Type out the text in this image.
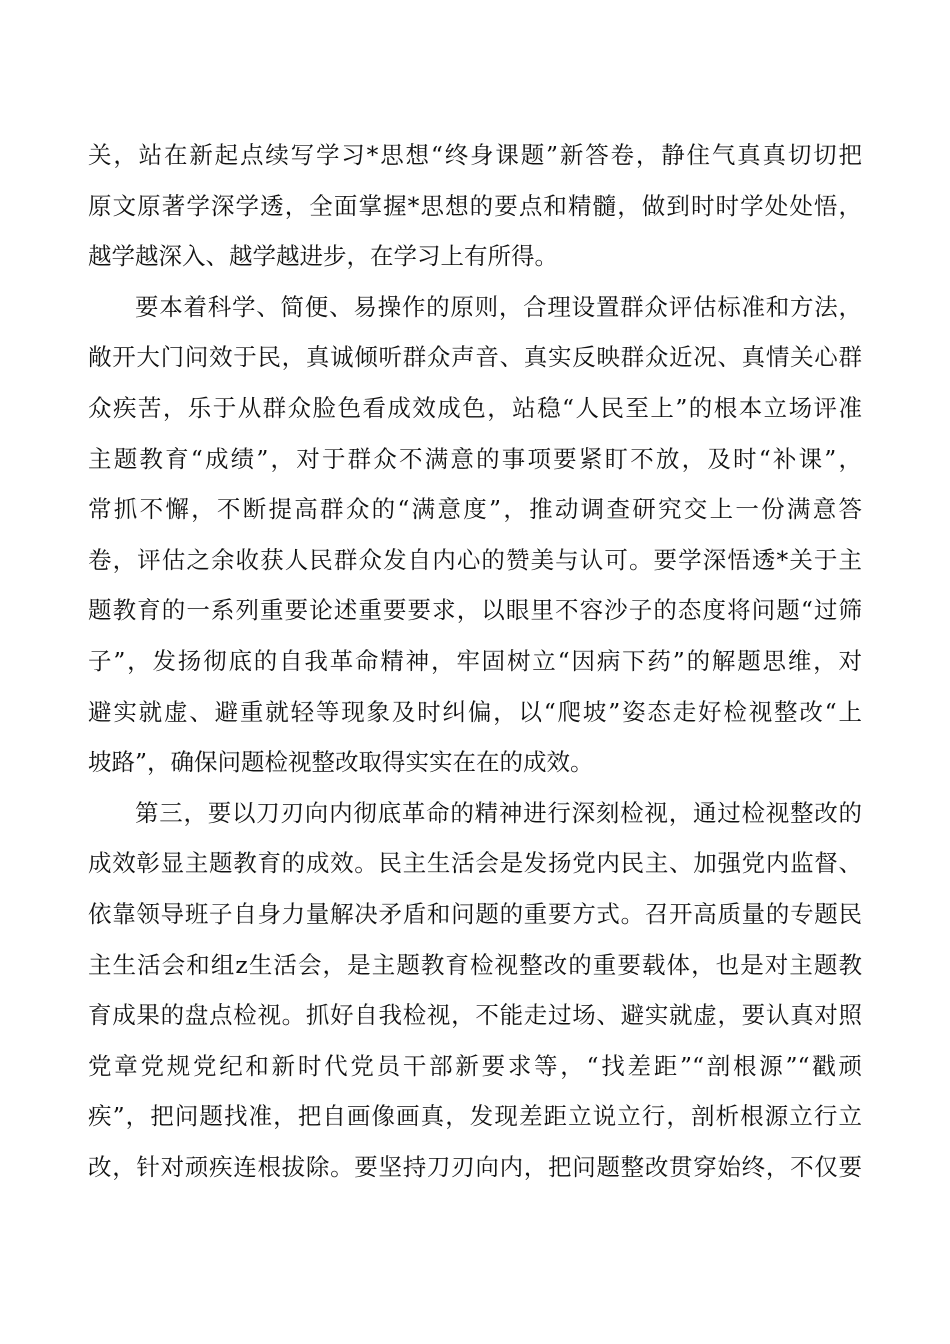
关，站在新起点续写学习*思想“终身课题”新答卷，静住气真真切切把
原文原著学深学透，全面掌握*思想的要点和精髓，做到时时学处处悟，
越学越深入、越学越进步，在学习上有所得。
要本着科学、简便、易操作的原则，合理设置群众评估标准和方法，
敞开大门问效于民，真诚倾听群众声音、真实反映群众近况、真情关心群
众疾苦，乐于从群众脸色看成效成色，站稳“人民至上”的根本立场评准
主题教育“成绩”，对于群众不满意的事项要紧盯不放，及时“补课”，
常抓不懈，不断提高群众的“满意度”，推动调查研究交上一份满意答
卷，评估之余收获人民群众发自内心的赞美与认可。要学深悟透*关于主
题教育的一系列重要论述重要要求，以眼里不容沙子的态度将问题“过筛
子”，发扬彻底的自我革命精神，牢固树立“因病下药”的解题思维，对
避实就虚、避重就轻等现象及时纠偏，以“爬坡”姿态走好检视整改“上
坡路”，确保问题检视整改取得实实在在的成效。
第三，要以刀刃向内彻底革命的精神进行深刻检视，通过检视整改的
成效彰显主题教育的成效。民主生活会是发扬党内民主、加强党内监督、
依靠领导班子自身力量解决矛盾和问题的重要方式。召开高质量的专题民
主生活会和组z生活会，是主题教育检视整改的重要载体，也是对主题教
育成果的盘点检视。抓好自我检视，不能走过场、避实就虚，要认真对照
党章党规党纪和新时代党员干部新要求等，“找差距”“剖根源”“戳顽
疾”，把问题找准，把自画像画真，发现差距立说立行，剖析根源立行立
改，针对顽疾连根拔除。要坚持刀刃向内，把问题整改贯穿始终，不仅要
